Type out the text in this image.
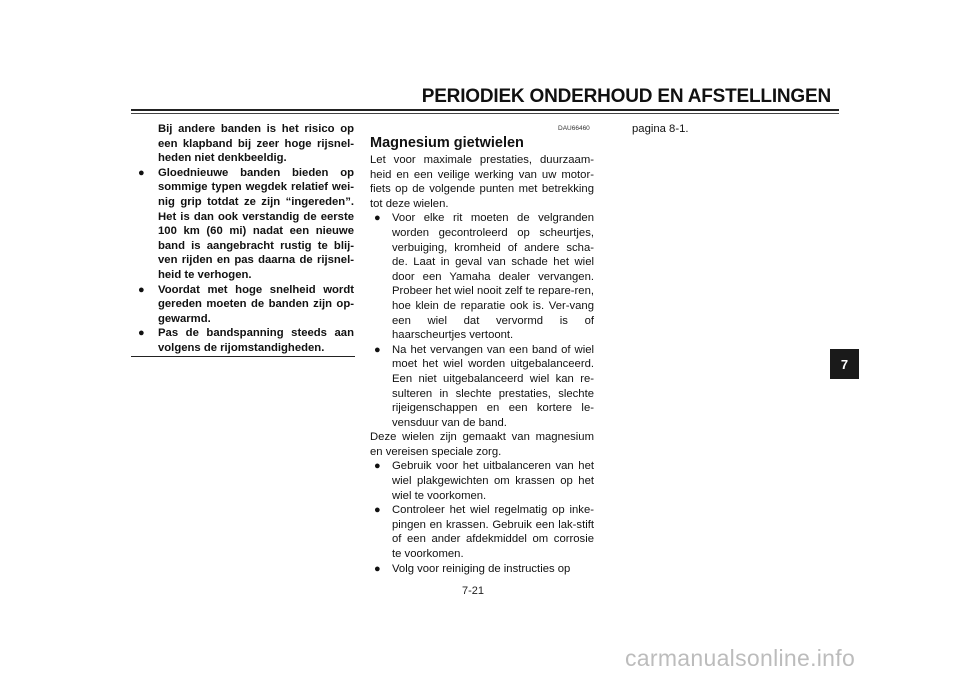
PERIODIEK ONDERHOUD EN AFSTELLINGEN

Bij andere banden is het risico op een klapband bij zeer hoge rijsnel-heden niet denkbeeldig.

●	Gloednieuwe banden bieden op sommige typen wegdek relatief wei-nig grip totdat ze zijn “ingereden”. Het is dan ook verstandig de eerste 100 km (60 mi) nadat een nieuwe band is aangebracht rustig te blij-ven rijden en pas daarna de rijsnel-heid te verhogen.
●	Voordat met hoge snelheid wordt gereden moeten de banden zijn op-gewarmd.
●	Pas de bandspanning steeds aan volgens de rijomstandigheden.
DAU66460
Magnesium gietwielen

Let voor maximale prestaties, duurzaam-heid en een veilige werking van uw motor-fiets op de volgende punten met betrekking tot deze wielen.

●	Voor elke rit moeten de velgranden worden gecontroleerd op scheurtjes, verbuiging, kromheid of andere scha-de. Laat in geval van schade het wiel door een Yamaha dealer vervangen. Probeer het wiel nooit zelf te repare-ren, hoe klein de reparatie ook is. Ver-vang een wiel dat vervormd is of haarscheurtjes vertoont.
●	Na het vervangen van een band of wiel moet het wiel worden uitgebalanceerd. Een niet uitgebalanceerd wiel kan re-sulteren in slechte prestaties, slechte rijeigenschappen en een kortere le-vensduur van de band.

Deze wielen zijn gemaakt van magnesium en vereisen speciale zorg.

●	Gebruik voor het uitbalanceren van het wiel plakgewichten om krassen op het wiel te voorkomen.
●	Controleer het wiel regelmatig op inke-pingen en krassen. Gebruik een lak-stift of een ander afdekmiddel om corrosie te voorkomen.
●	Volg voor reiniging de instructies op

pagina 8-1.

7-21
7
carmanualsonline.info
